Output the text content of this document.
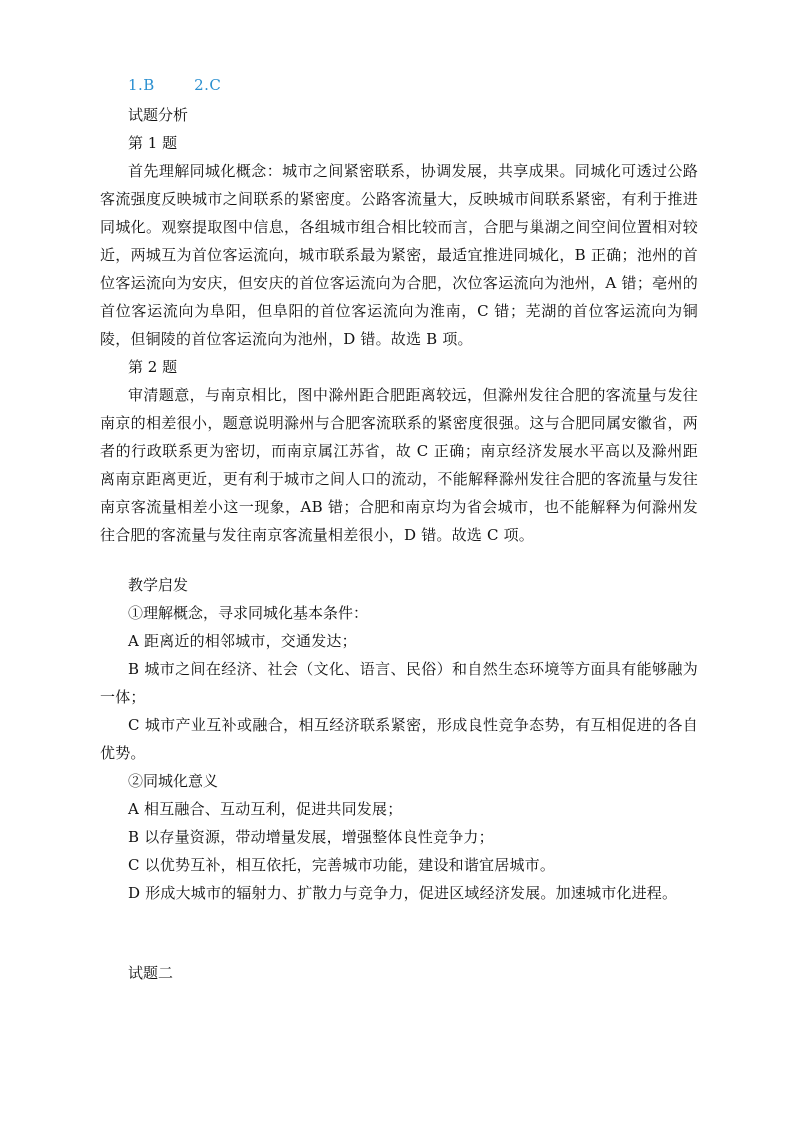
1.B	2.C

试题分析

第 1 题

首先理解同城化概念：城市之间紧密联系，协调发展，共享成果。同城化可透过公路客流强度反映城市之间联系的紧密度。公路客流量大，反映城市间联系紧密，有利于推进同城化。观察提取图中信息，各组城市组合相比较而言，合肥与巢湖之间空间位置相对较近，两城互为首位客运流向，城市联系最为紧密，最适宜推进同城化，B 正确；池州的首位客运流向为安庆，但安庆的首位客运流向为合肥，次位客运流向为池州，A 错；亳州的首位客运流向为阜阳，但阜阳的首位客运流向为淮南，C 错；芜湖的首位客运流向为铜陵，但铜陵的首位客运流向为池州，D 错。故选 B 项。

第 2 题

审清题意，与南京相比，图中滁州距合肥距离较远，但滁州发往合肥的客流量与发往南京的相差很小，题意说明滁州与合肥客流联系的紧密度很强。这与合肥同属安徽省，两者的行政联系更为密切，而南京属江苏省，故 C 正确；南京经济发展水平高以及滁州距离南京距离更近，更有利于城市之间人口的流动，不能解释滁州发往合肥的客流量与发往南京客流量相差小这一现象，AB 错；合肥和南京均为省会城市，也不能解释为何滁州发往合肥的客流量与发往南京客流量相差很小，D 错。故选 C 项。

教学启发

①理解概念，寻求同城化基本条件：

A 距离近的相邻城市，交通发达；

B 城市之间在经济、社会（文化、语言、民俗）和自然生态环境等方面具有能够融为一体；

C 城市产业互补或融合，相互经济联系紧密，形成良性竞争态势，有互相促进的各自优势。

②同城化意义

A 相互融合、互动互利，促进共同发展；

B 以存量资源，带动增量发展，增强整体良性竞争力；

C 以优势互补，相互依托，完善城市功能，建设和谐宜居城市。

D 形成大城市的辐射力、扩散力与竞争力，促进区域经济发展。加速城市化进程。

试题二
